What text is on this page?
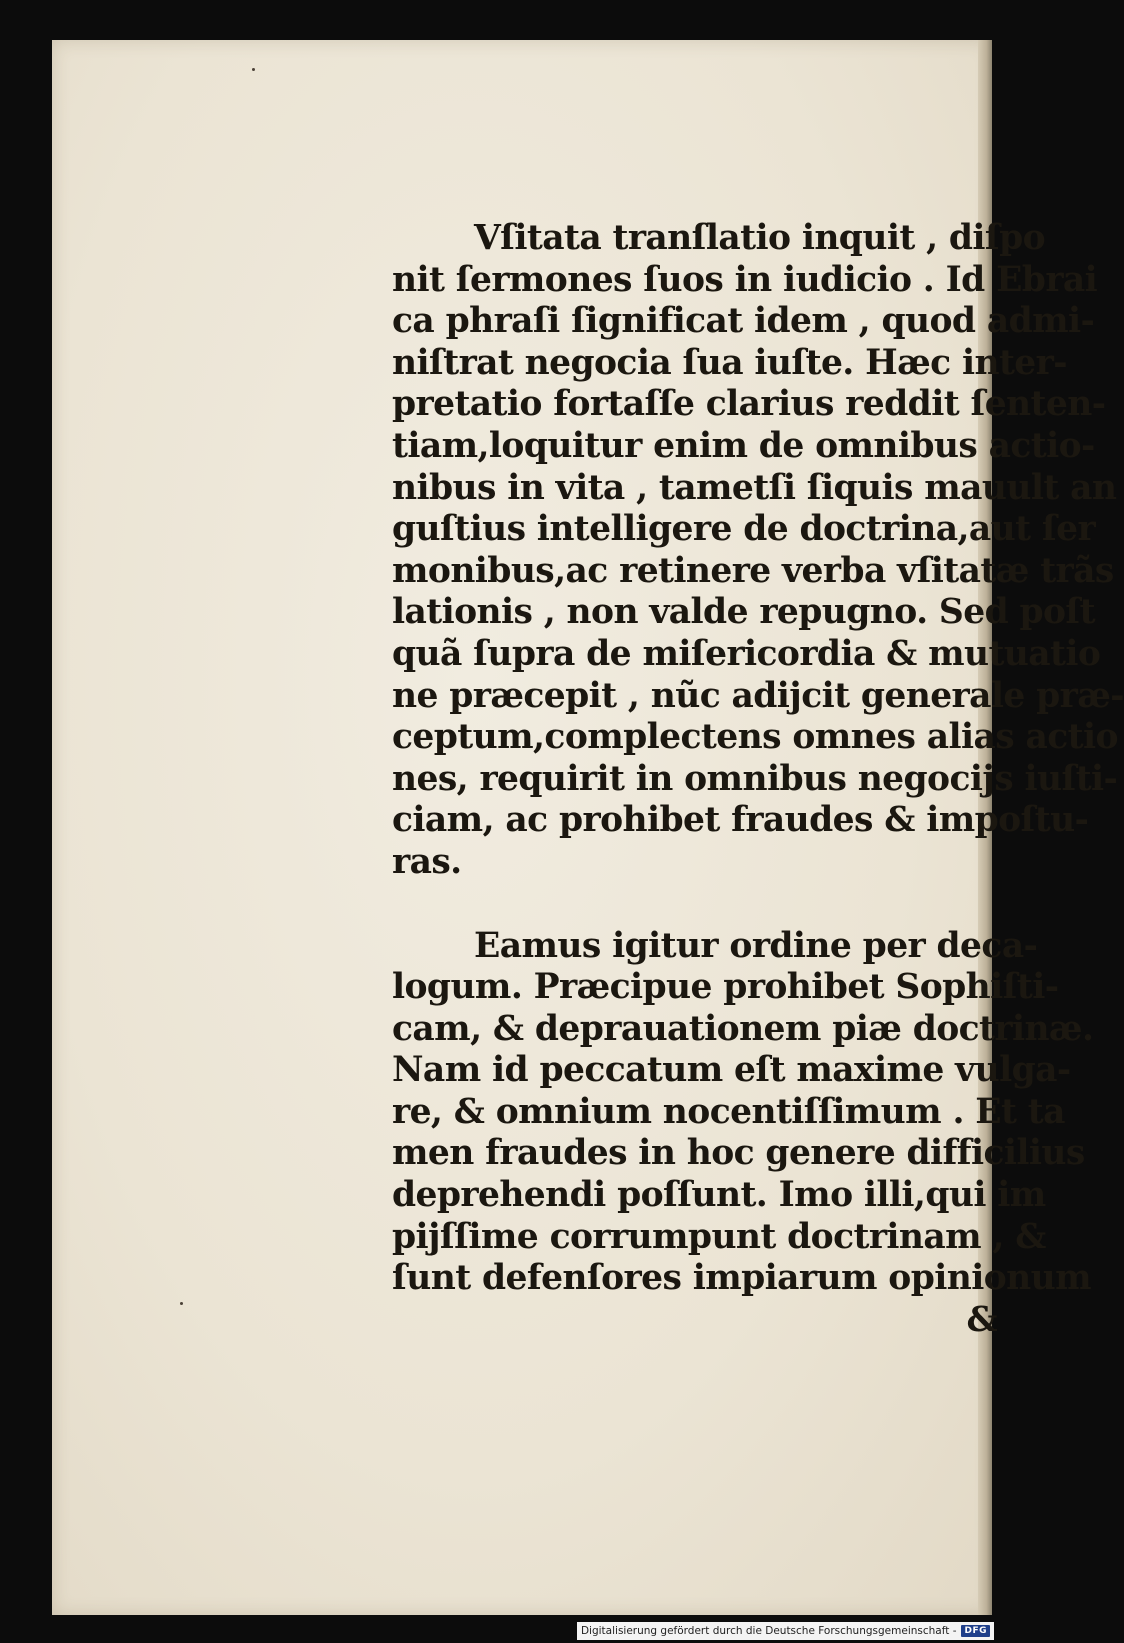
Vſitata tranſlatio inquit , diſpo
nit ſermones ſuos in iudicio . Id Ebrai
ca phraſi ſignificat idem , quod admi-
niſtrat negocia ſua iuſte. Hæc inter-
pretatio fortaſſe clarius reddit ſenten-
tiam,loquitur enim de omnibus actio-
nibus in vita , tametſi ſiquis mauult an
guſtius intelligere de doctrina,aut ſer
monibus,ac retinere verba vſitatæ trãs
lationis , non valde repugno. Sed poſt
quã ſupra de miſericordia & mutuatio
ne præcepit , nũc adijcit generale præ-
ceptum,complectens omnes alias actio
nes, requirit in omnibus negocijs iuſti-
ciam, ac prohibet fraudes & impoſtu-
ras.
Eamus igitur ordine per deca-
logum. Præcipue prohibet Sophiſti-
cam, & deprauationem piæ doctrinæ.
Nam id peccatum eſt maxime vulga-
re, & omnium nocentiſſimum . Et ta
men fraudes in hoc genere difficilius
deprehendi poſſunt. Imo illi,qui im
pijſſime corrumpunt doctrinam , &
ſunt defenſores impiarum opinionum
&
Digitalisierung gefördert durch die Deutsche Forschungsgemeinschaft - DFG
